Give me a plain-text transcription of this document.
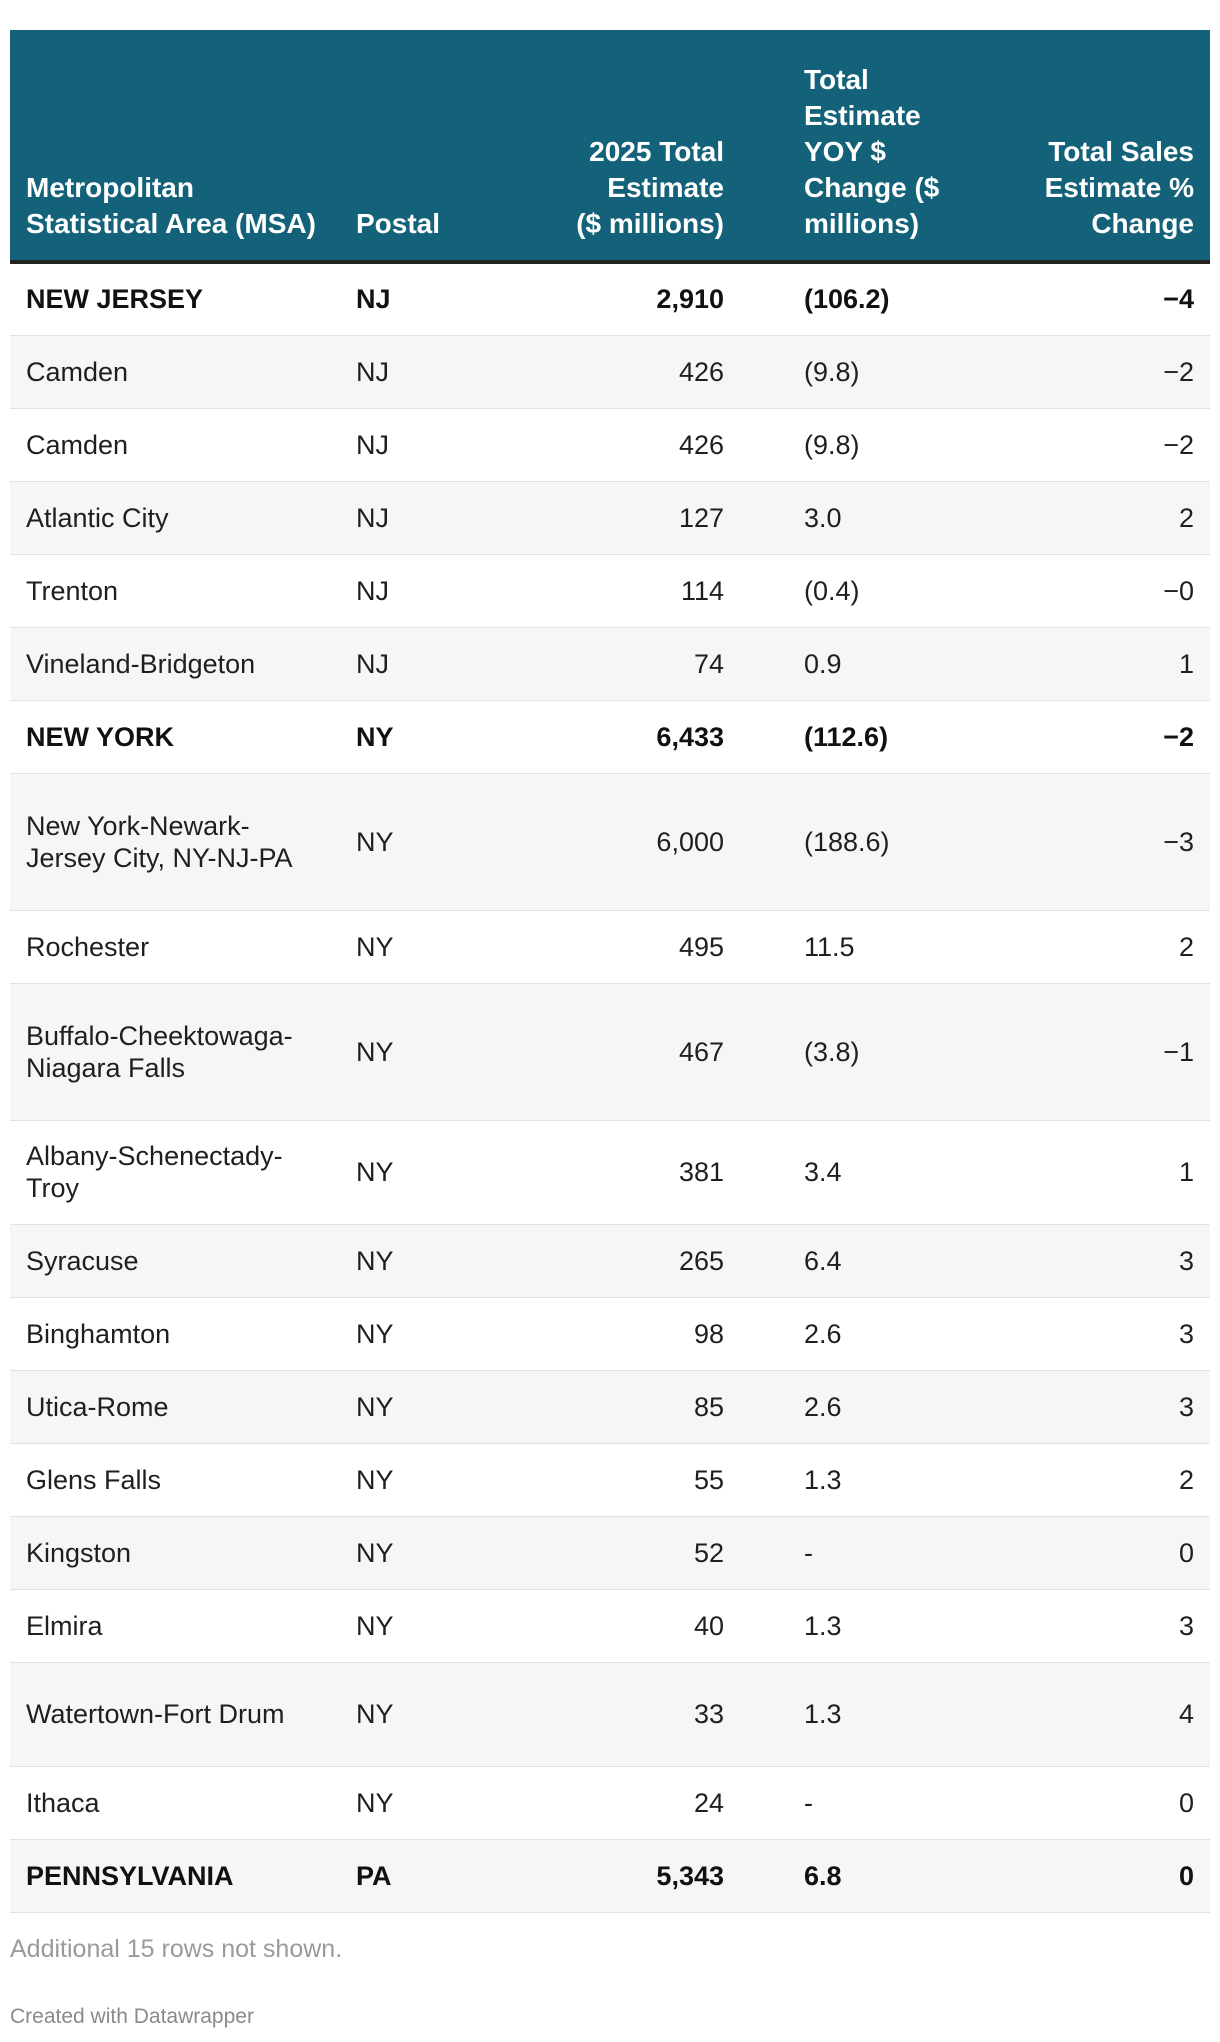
Metropolitan Statistical Area (MSA)	Postal	2025 Total Estimate ($ millions)	Total Estimate YOY $ Change ($ millions)	Total Sales Estimate % Change
NEW JERSEY	NJ	2,910	(106.2)	−4
Camden	NJ	426	(9.8)	−2
Camden	NJ	426	(9.8)	−2
Atlantic City	NJ	127	3.0	2
Trenton	NJ	114	(0.4)	−0
Vineland-Bridgeton	NJ	74	0.9	1
NEW YORK	NY	6,433	(112.6)	−2
New York-Newark-Jersey City, NY-NJ-PA	NY	6,000	(188.6)	−3
Rochester	NY	495	11.5	2
Buffalo-Cheektowaga-Niagara Falls	NY	467	(3.8)	−1
Albany-Schenectady-Troy	NY	381	3.4	1
Syracuse	NY	265	6.4	3
Binghamton	NY	98	2.6	3
Utica-Rome	NY	85	2.6	3
Glens Falls	NY	55	1.3	2
Kingston	NY	52	-	0
Elmira	NY	40	1.3	3
Watertown-Fort Drum	NY	33	1.3	4
Ithaca	NY	24	-	0
PENNSYLVANIA	PA	5,343	6.8	0
Additional 15 rows not shown.
Created with Datawrapper
